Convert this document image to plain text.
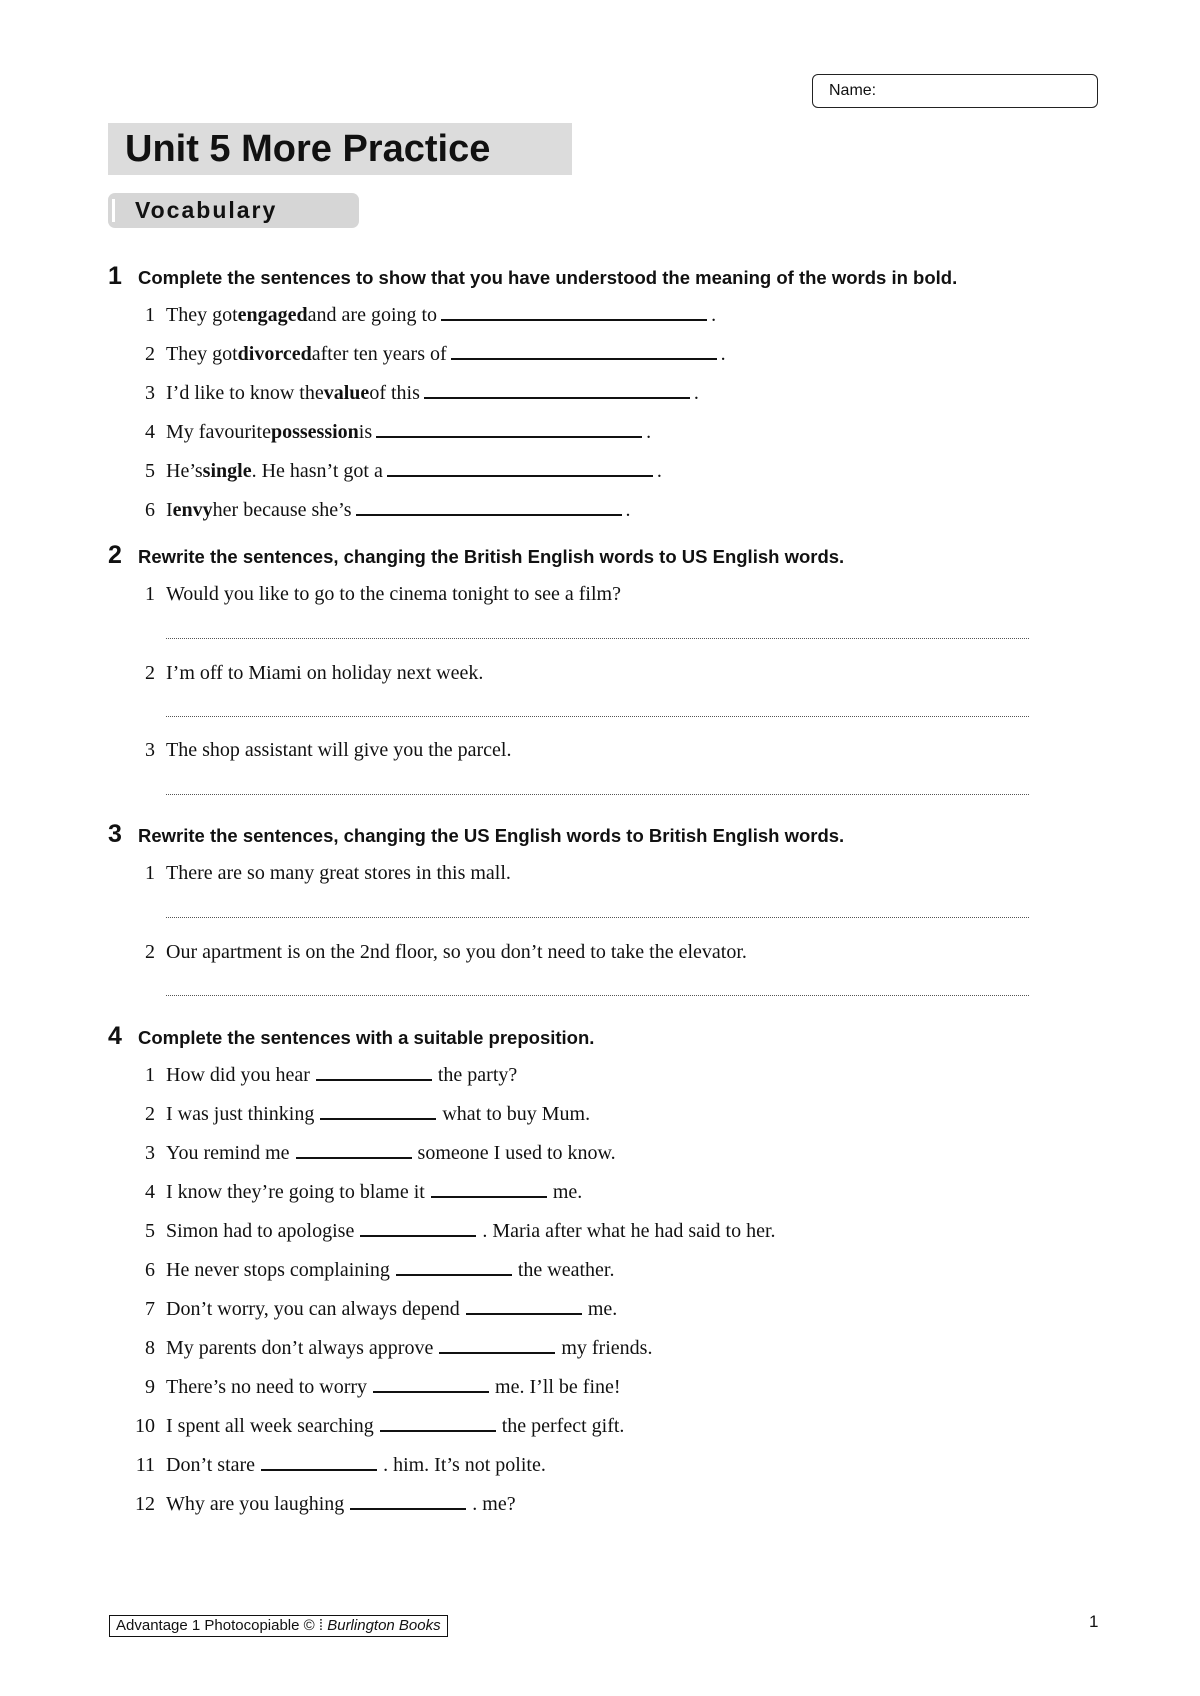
Name:
Unit 5 More Practice
Vocabulary
1 Complete the sentences to show that you have understood the meaning of the words in bold.
1 They got engaged and are going to	.
2 They got divorced after ten years of	.
3 I’d like to know the value of this	.
4 My favourite possession is	.
5 He’s single . He hasn’t got a	.
6 I envy her because she’s	.
2 Rewrite the sentences, changing the British English words to US English words.
1 Would you like to go to the cinema tonight to see a film?
2 I’m off to Miami on holiday next week.
3 The shop assistant will give you the parcel.
3 Rewrite the sentences, changing the US English words to British English words.
1 There are so many great stores in this mall.
2 Our apartment is on the 2nd floor, so you don’t need to take the elevator.
4 Complete the sentences with a suitable preposition.
1 How did you hear	the party?
2 I was just thinking	what to buy Mum.
3 You remind me	someone I used to know.
4 I know they’re going to blame it	me.
5 Simon had to apologise	. Maria after what he had said to her.
6 He never stops complaining	the weather.
7 Don’t worry, you can always depend	me.
8 My parents don’t always approve	my friends.
9 There’s no need to worry	me. I’ll be fine!
10 I spent all week searching	the perfect gift.
11 Don’t stare	. him. It’s not polite.
12 Why are you laughing	. me?
Advantage 1 Photocopiable © ⁞ Burlington Books	1
